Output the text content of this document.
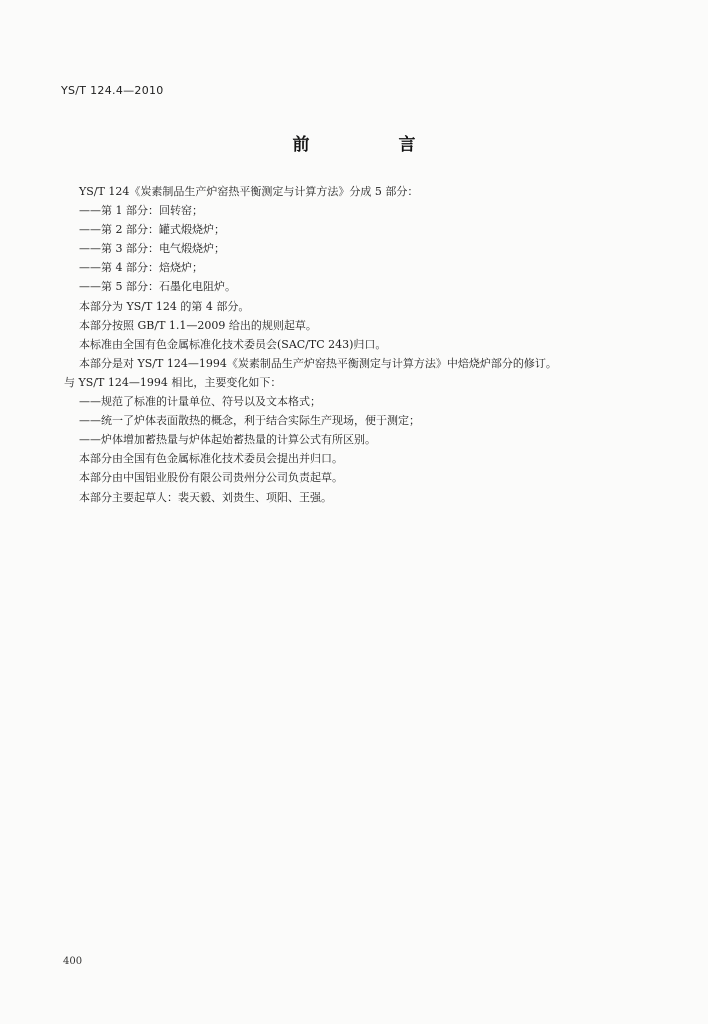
YS/T 124.4—2010
前　言

YS/T 124《炭素制品生产炉窑热平衡测定与计算方法》分成 5 部分：

——第 1 部分：回转窑；

——第 2 部分：罐式煅烧炉；

——第 3 部分：电气煅烧炉；

——第 4 部分：焙烧炉；

——第 5 部分：石墨化电阻炉。

本部分为 YS/T 124 的第 4 部分。

本部分按照 GB/T 1.1—2009 给出的规则起草。

本标准由全国有色金属标准化技术委员会(SAC/TC 243)归口。

本部分是对 YS/T 124—1994《炭素制品生产炉窑热平衡测定与计算方法》中焙烧炉部分的修订。

与 YS/T 124—1994 相比，主要变化如下：

——规范了标准的计量单位、符号以及文本格式；

——统一了炉体表面散热的概念，利于结合实际生产现场，便于测定；

——炉体增加蓄热量与炉体起始蓄热量的计算公式有所区别。

本部分由全国有色金属标准化技术委员会提出并归口。

本部分由中国铝业股份有限公司贵州分公司负责起草。

本部分主要起草人：裴天毅、刘贵生、项阳、王强。

400
